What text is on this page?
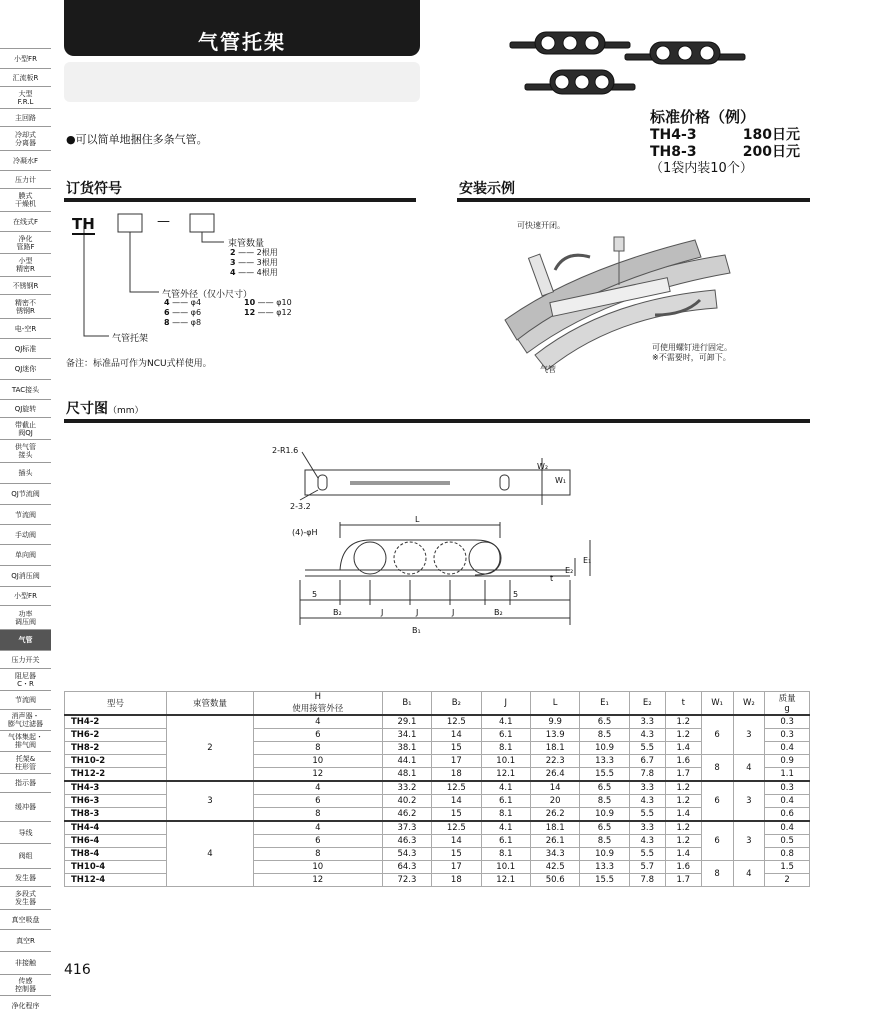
小型FR
汇流板R
大型
F.R.L
主回路
冷却式
分离器
冷凝水F
压力计
膜式
干燥机
在线式F
净化
管路F
小型
精密R
不锈钢R
精密不
锈钢R
电-空R
QJ标准
QJ迷你
TAC接头
QJ旋转
带截止
阀QJ
供气管
接头
插头
QJ节流阀
节流阀
手动阀
单向阀
QJ消压阀
小型FR
功率
调压阀
气管
压力开关
阻尼器
C・R
节流阀
消声器・
膨气过滤器
气体集起・
排气阀
托架&
柱形管
指示器
缓冲器
导线
阀组
发生器
多段式
发生器
真空吸盘
真空R
非接触
传感
控制器
净化程序
气管托架
●可以简单地捆住多条气管。
标准价格（例）
TH4-3	180日元
TH8-3	200日元
（1袋内装10个）
订货符号
TH	—
束管数量
2 —— 2根用
3 —— 3根用
4 —— 4根用
气管外径（仅小尺寸）
4 —— φ4	10 —— φ10
6 —— φ6	12 —— φ12
8 —— φ8
气管托架
备注：标准品可作为NCU式样使用。
安装示例
可快速开闭。
可使用螺钉进行固定。
※不需要时，可卸下。
气管
尺寸图（mm）
2-R1.6
2-3.2
W₂
W₁
(4)-φH
L
E₁
E₂
t
5	5
B₂	J	J	J	B₂
B₁
型号	束管数量	H
使用接管外径	B₁	B₂	J	L	E₁	E₂	t	W₁	W₂	质量
g
TH4-2	2	4	29.1	12.5	4.1	9.9	6.5	3.3	1.2	6	3	0.3
TH6-2		6	34.1	14	6.1	13.9	8.5	4.3	1.2			0.3
TH8-2		8	38.1	15	8.1	18.1	10.9	5.5	1.4			0.4
TH10-2		10	44.1	17	10.1	22.3	13.3	6.7	1.6	8	4	0.9
TH12-2		12	48.1	18	12.1	26.4	15.5	7.8	1.7			1.1
TH4-3	3	4	33.2	12.5	4.1	14	6.5	3.3	1.2	6	3	0.3
TH6-3		6	40.2	14	6.1	20	8.5	4.3	1.2			0.4
TH8-3		8	46.2	15	8.1	26.2	10.9	5.5	1.4			0.6
TH4-4	4	4	37.3	12.5	4.1	18.1	6.5	3.3	1.2	6	3	0.4
TH6-4		6	46.3	14	6.1	26.1	8.5	4.3	1.2			0.5
TH8-4		8	54.3	15	8.1	34.3	10.9	5.5	1.4			0.8
TH10-4		10	64.3	17	10.1	42.5	13.3	5.7	1.6	8	4	1.5
TH12-4		12	72.3	18	12.1	50.6	15.5	7.8	1.7			2
416
